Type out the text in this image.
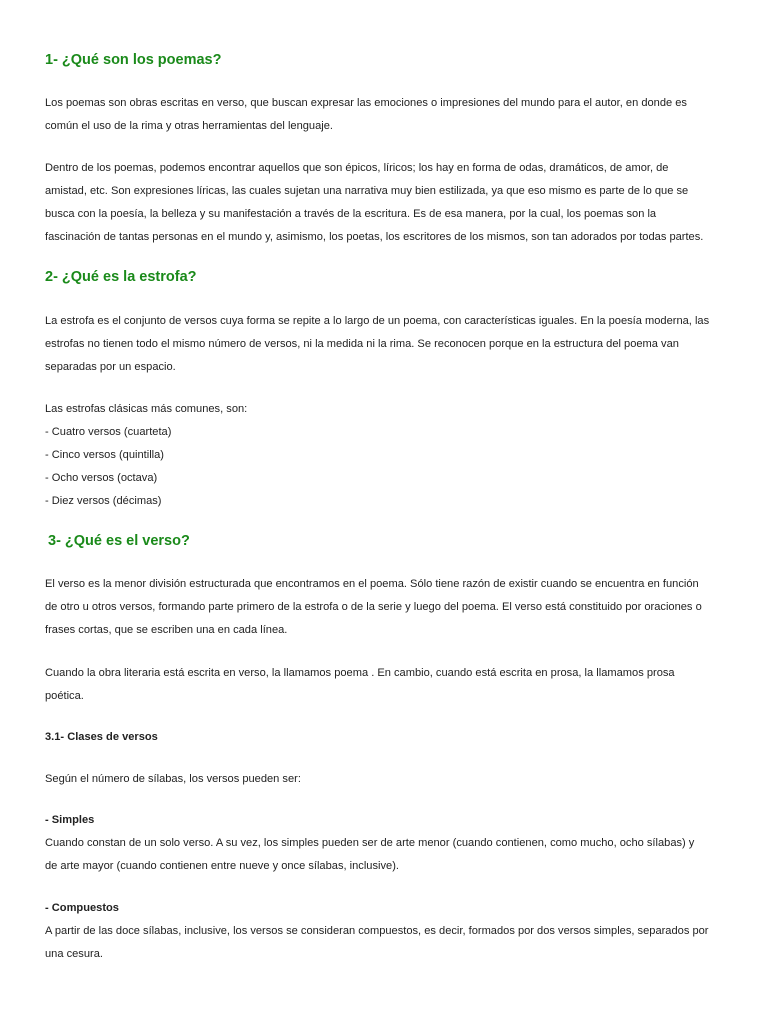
1- ¿Qué son los poemas?

Los poemas son obras escritas en verso, que buscan expresar las emociones o impresiones del mundo para el autor, en donde es
común el uso de la rima y otras herramientas del lenguaje.

Dentro de los poemas, podemos encontrar aquellos que son épicos, líricos; los hay en forma de odas, dramáticos, de amor, de
amistad, etc. Son expresiones líricas, las cuales sujetan una narrativa muy bien estilizada, ya que eso mismo es parte de lo que se
busca con la poesía, la belleza y su manifestación a través de la escritura. Es de esa manera, por la cual, los poemas son la
fascinación de tantas personas en el mundo y, asimismo, los poetas, los escritores de los mismos, son tan adorados por todas partes.

2- ¿Qué es la estrofa?

La estrofa es el conjunto de versos cuya forma se repite a lo largo de un poema, con características iguales. En la poesía moderna, las
estrofas no tienen todo el mismo número de versos, ni la medida ni la rima. Se reconocen porque en la estructura del poema van
separadas por un espacio.

Las estrofas clásicas más comunes, son:

- Cuatro versos (cuarteta)
- Cinco versos (quintilla)
- Ocho versos (octava)
- Diez versos (décimas)
3- ¿Qué es el verso?

El verso es la menor división estructurada que encontramos en el poema. Sólo tiene razón de existir cuando se encuentra en función
de otro u otros versos, formando parte primero de la estrofa o de la serie y luego del poema. El verso está constituido por oraciones o
frases cortas, que se escriben una en cada línea.

Cuando la obra literaria está escrita en verso, la llamamos poema . En cambio, cuando está escrita en prosa, la llamamos prosa
poética.

3.1- Clases de versos

Según el número de sílabas, los versos pueden ser:

- Simples

Cuando constan de un solo verso. A su vez, los simples pueden ser de arte menor (cuando contienen, como mucho, ocho sílabas) y
de arte mayor (cuando contienen entre nueve y once sílabas, inclusive).

- Compuestos

A partir de las doce sílabas, inclusive, los versos se consideran compuestos, es decir, formados por dos versos simples, separados por
una cesura.
